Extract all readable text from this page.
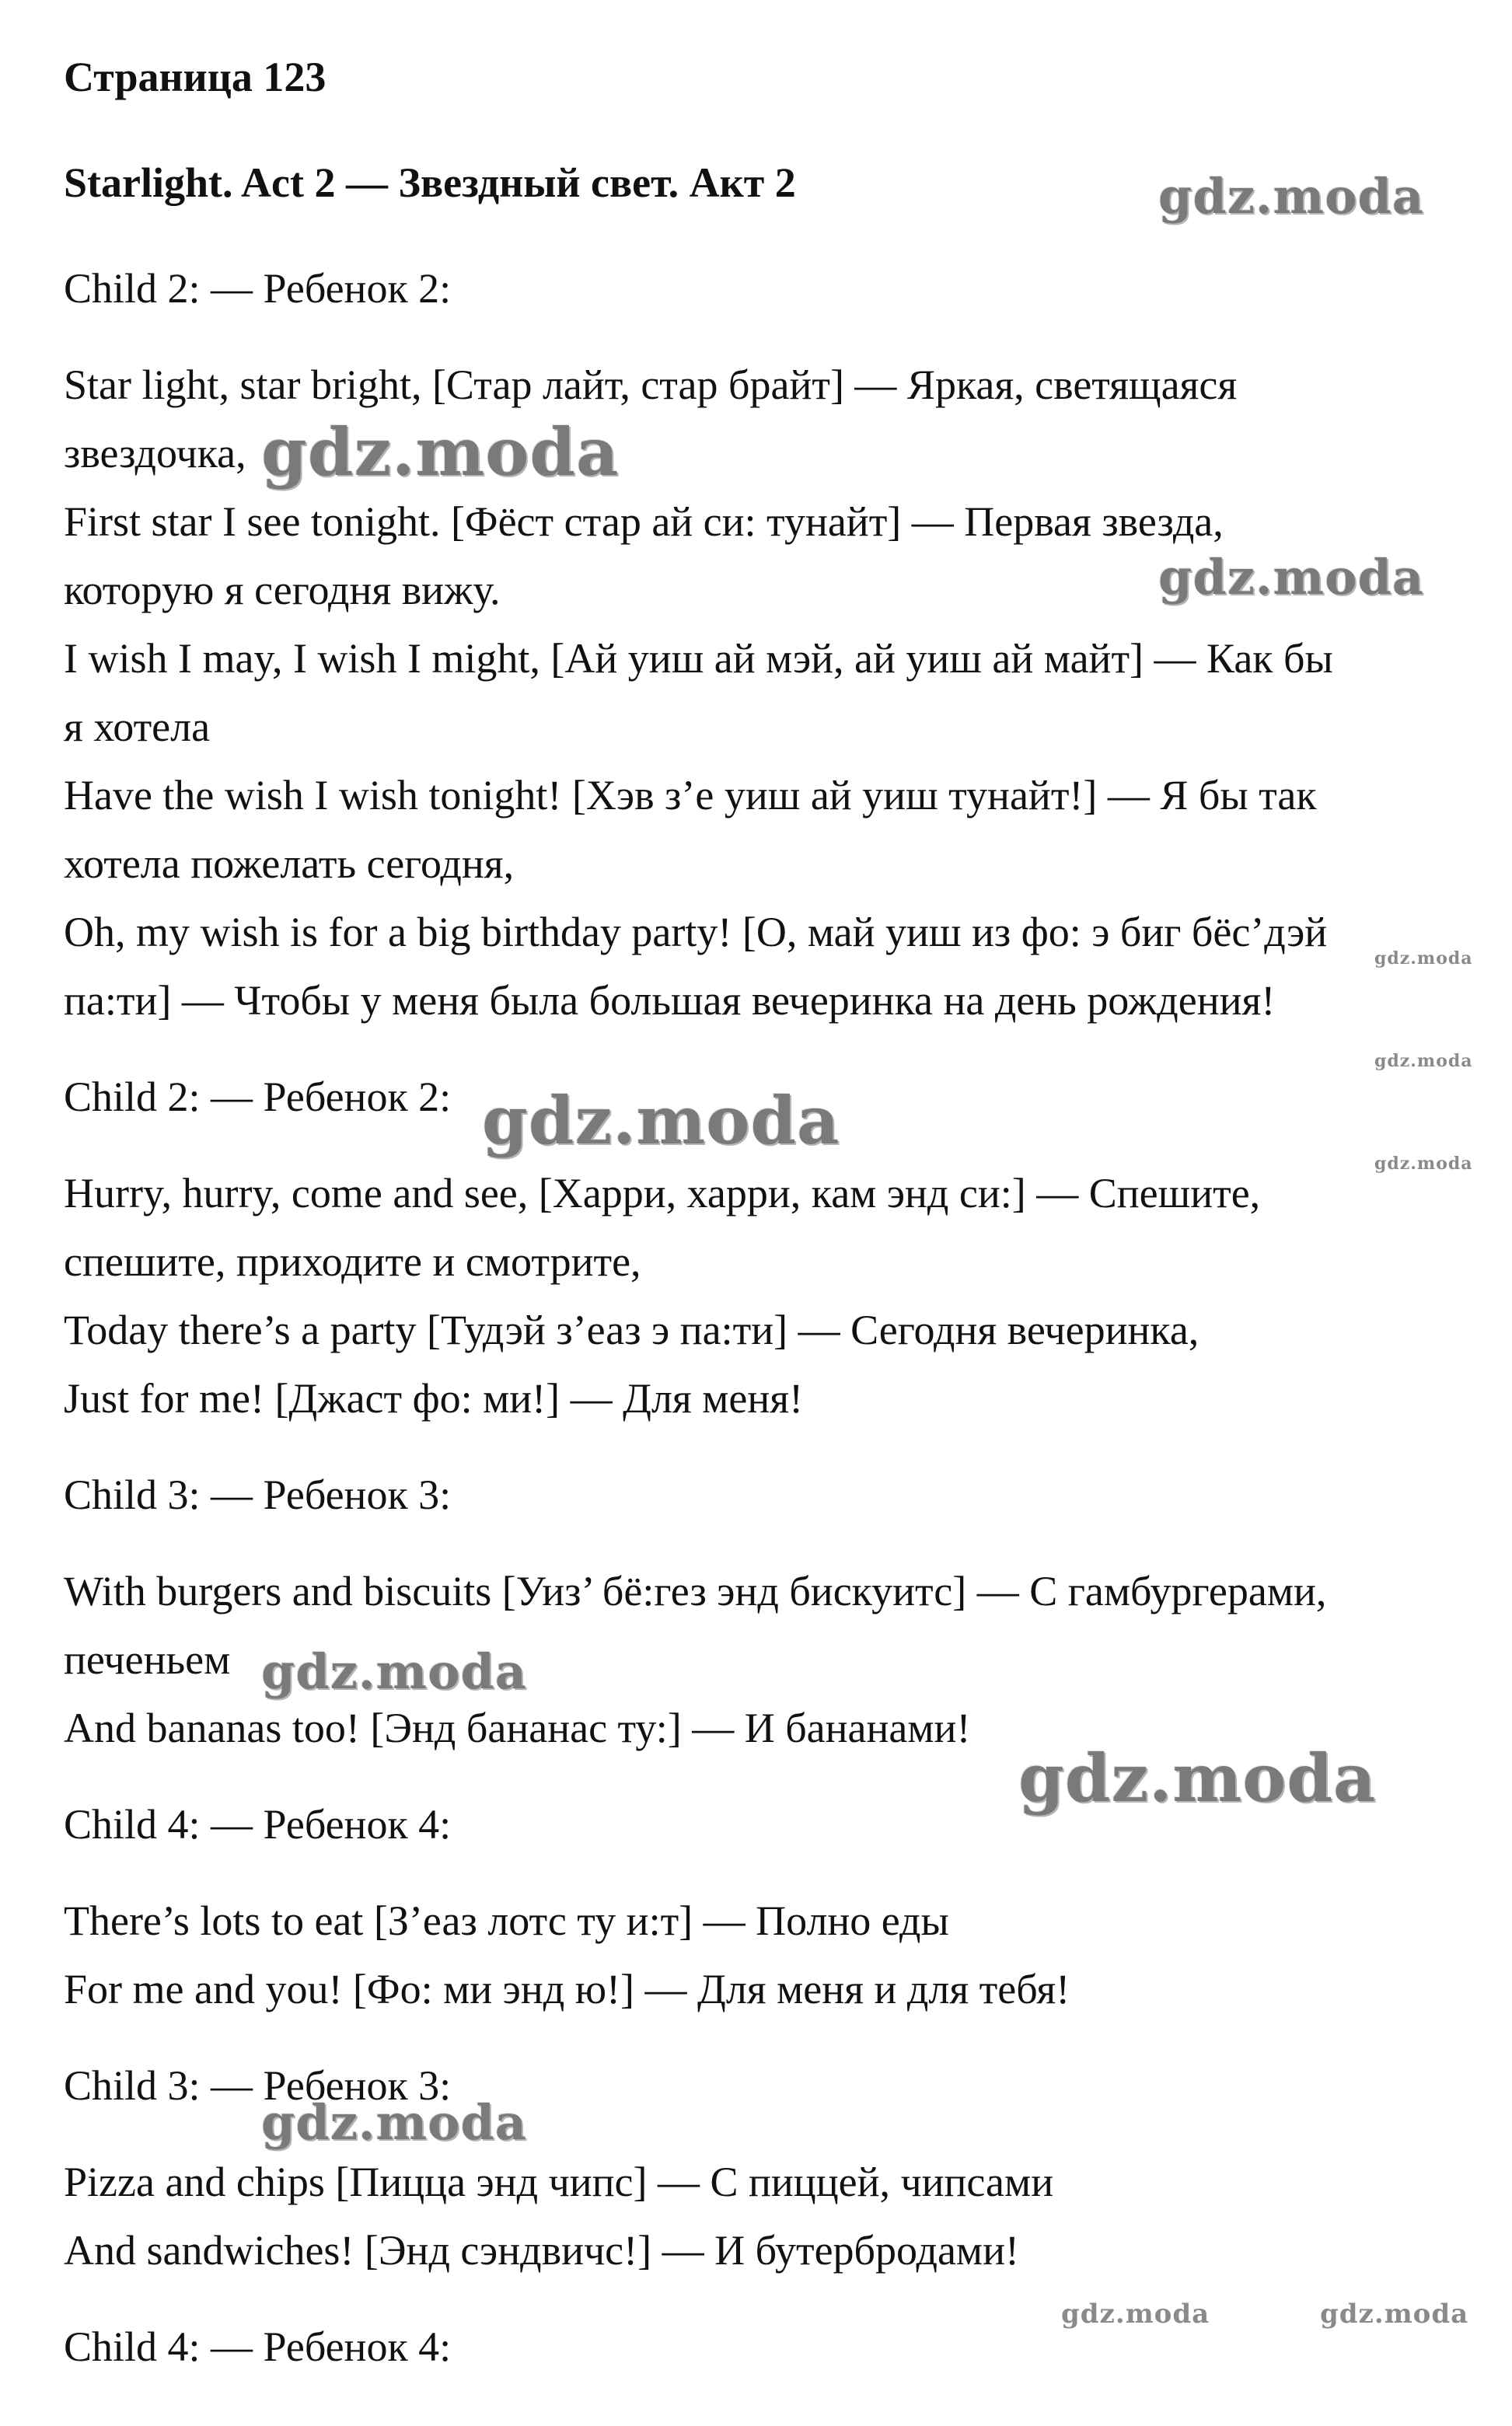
Страница 123
Starlight. Act 2 — Звездный свет. Акт 2
Child 2: — Ребенок 2:
Star light, star bright, [Стар лайт, стар брайт] — Яркая, светящаяся
звездочка,
First star I see tonight. [Фёст стар ай си: тунайт] — Первая звезда,
которую я сегодня вижу.
I wish I may, I wish I might, [Ай уиш ай мэй, ай уиш ай майт] — Как бы
я хотела
Have the wish I wish tonight! [Хэв з’е уиш ай уиш тунайт!] — Я бы так
хотела пожелать сегодня,
Oh, my wish is for a big birthday party! [О, май уиш из фо: э биг бёс’дэй
па:ти] — Чтобы у меня была большая вечеринка на день рождения!
Child 2: — Ребенок 2:
Hurry, hurry, come and see, [Харри, харри, кам энд си:] — Спешите,
спешите, приходите и смотрите,
Today there’s a party [Тудэй з’еаз э па:ти] — Сегодня вечеринка,
Just for me! [Джаст фо: ми!] — Для меня!
Child 3: — Ребенок 3:
With burgers and biscuits [Уиз’ бё:гез энд бискуитс] — С гамбургерами,
печеньем
And bananas too! [Энд бананас ту:] — И бананами!
Child 4: — Ребенок 4:
There’s lots to eat [З’еаз лотс ту и:т] — Полно еды
For me and you! [Фо: ми энд ю!] — Для меня и для тебя!
Child 3: — Ребенок 3:
Pizza and chips [Пицца энд чипс] — С пиццей, чипсами
And sandwiches! [Энд сэндвичс!] — И бутербродами!
Child 4: — Ребенок 4:
gdz.moda
gdz.moda
gdz.moda
gdz.moda
gdz.moda
gdz.moda
gdz.moda
gdz.moda
gdz.moda
gdz.moda
gdz.moda	gdz.moda
